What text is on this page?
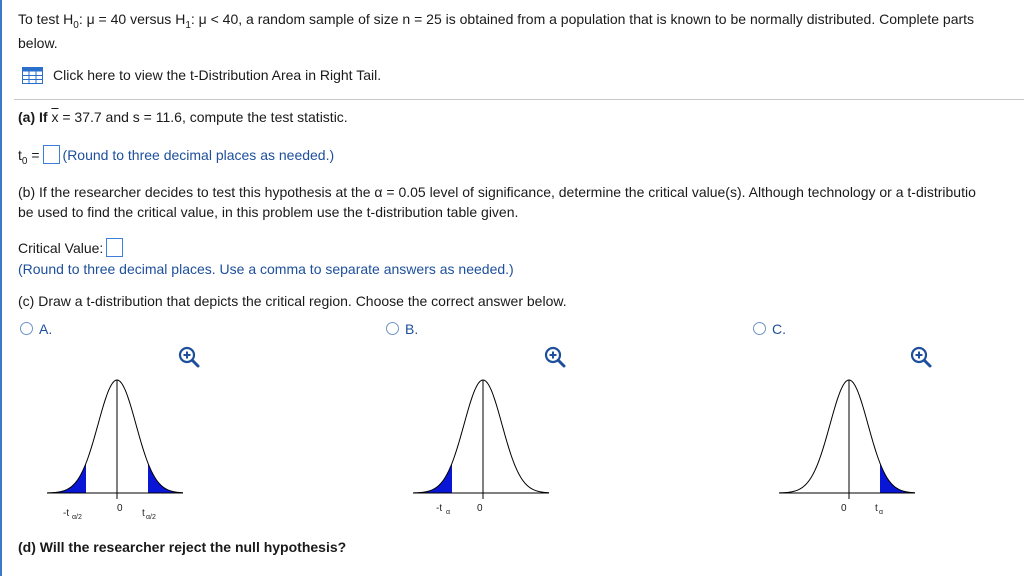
To test $H_0$: μ = 40 versus $H_1$: μ < 40, a random sample of size n = 25 is obtained from a population that is known to be normally distributed. Complete parts
below.
Click here to view the t-Distribution Area in Right Tail.
(a) If $\overline{x} = 37.7$ and s = 11.6, compute the test statistic.
$t_0$ = (Round to three decimal places as needed.)
(b) If the researcher decides to test this hypothesis at the α = 0.05 level of significance, determine the critical value(s). Although technology or a t-distributio
be used to find the critical value, in this problem use the t-distribution table given.
Critical Value:
(Round to three decimal places. Use a comma to separate answers as needed.)
(c) Draw a t-distribution that depicts the critical region. Choose the correct answer below.
A.	B.	C.
-t α/2
0 t α/2
-t α	0	0	t α
(d) Will the researcher reject the null hypothesis?
